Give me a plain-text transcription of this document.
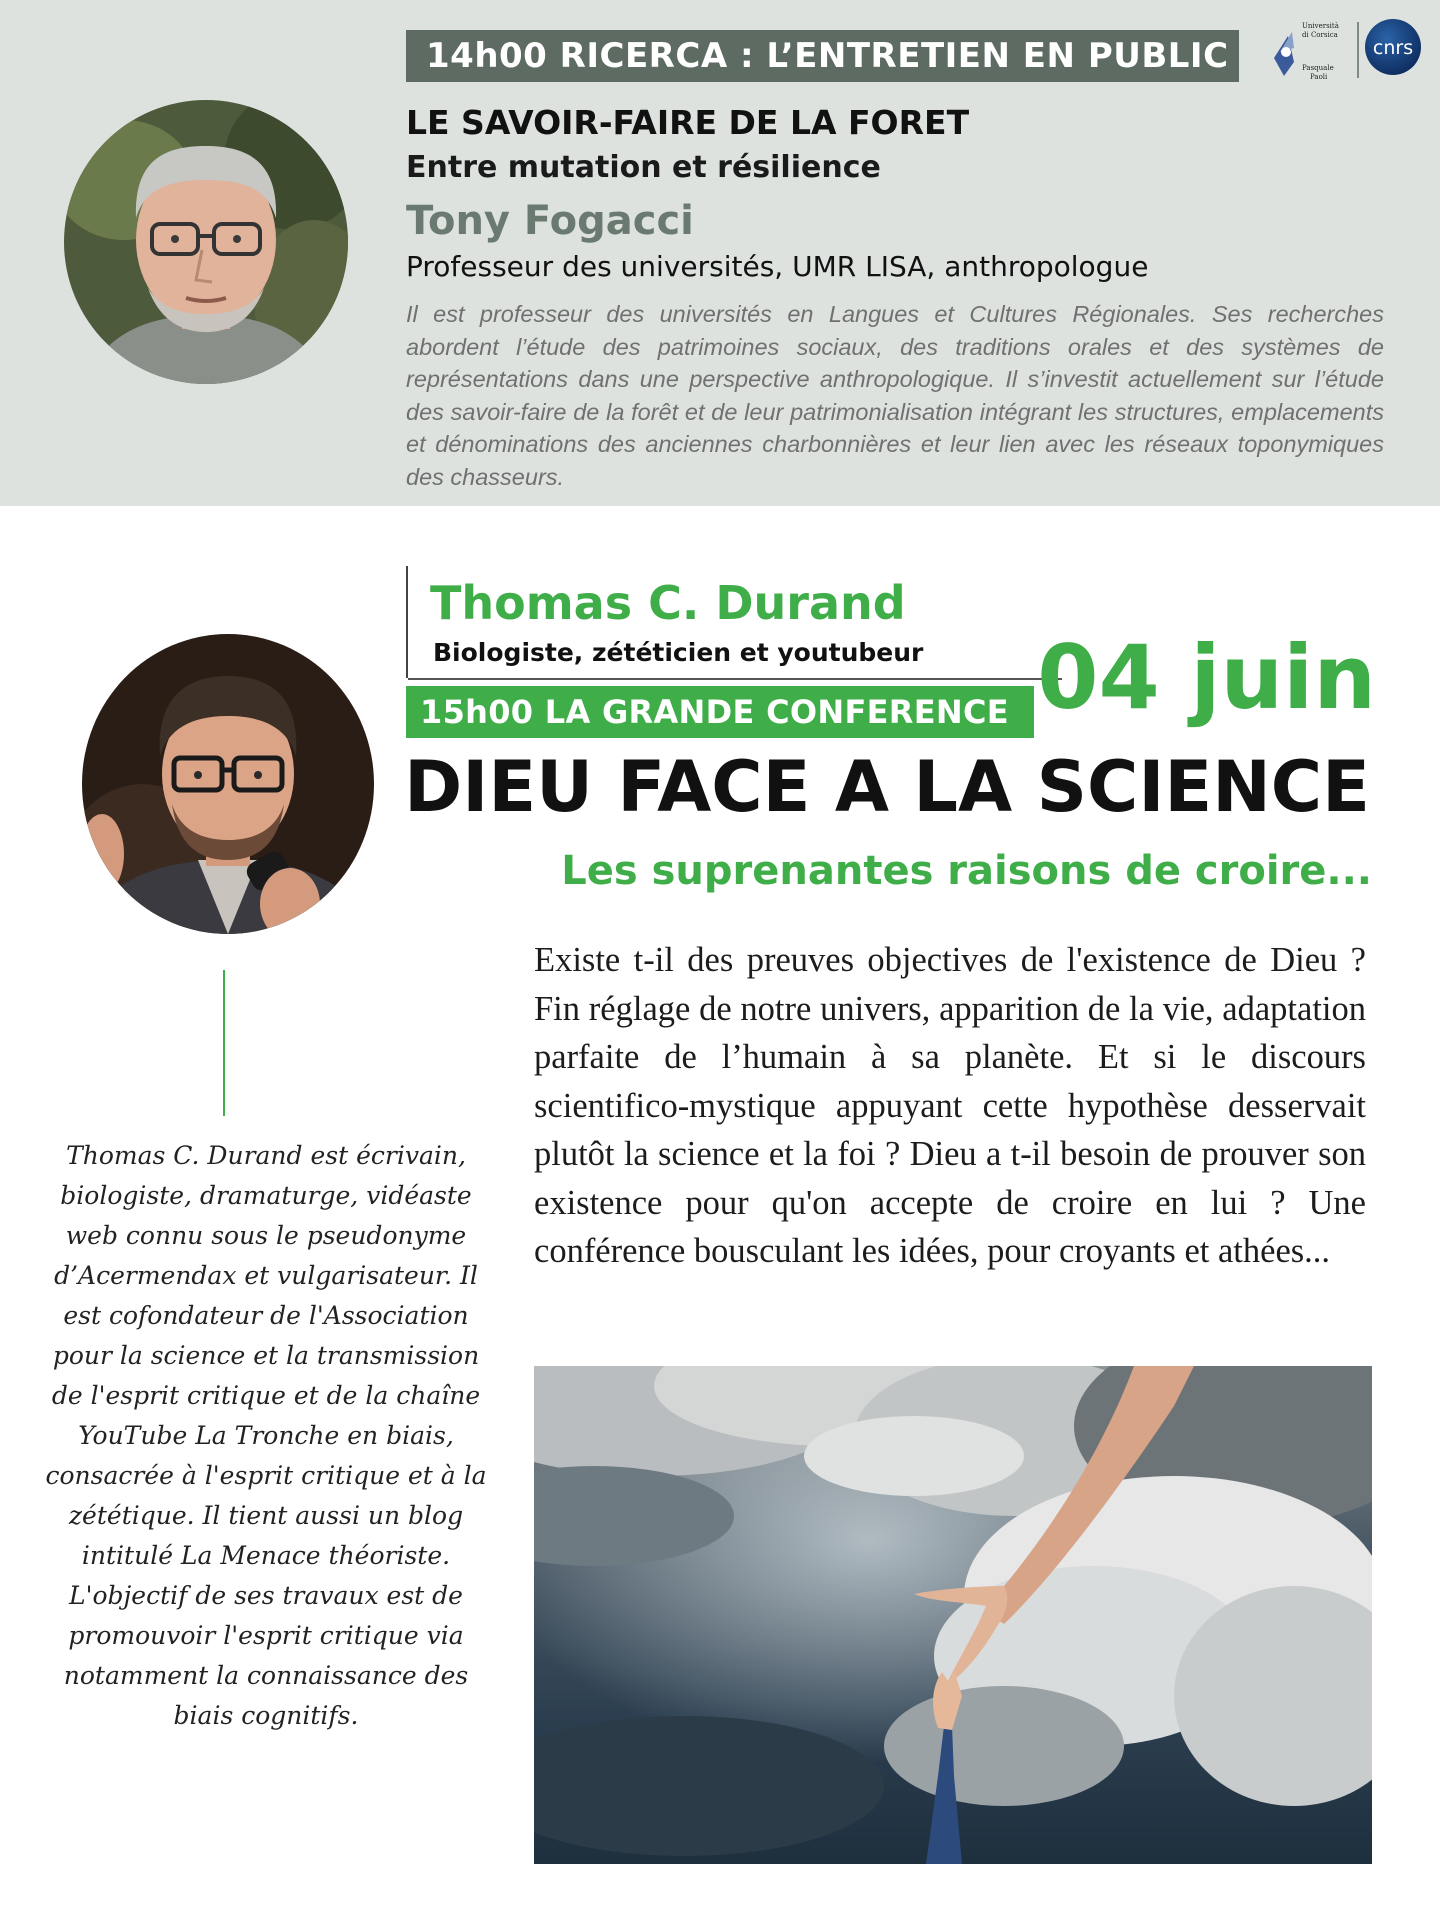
14h00 RICERCA : L’ENTRETIEN EN PUBLIC
Università
di Corsica
Pasquale
Paoli
cnrs
LE SAVOIR-FAIRE DE LA FORET
Entre mutation et résilience
Tony Fogacci
Professeur des universités, UMR LISA, anthropologue

Il est professeur des universités en Langues et Cultures Régionales. Ses recherches abordent l’étude des patrimoines sociaux, des traditions orales et des systèmes de représentations dans une perspective anthropologique. Il s’investit actuellement sur l’étude des savoir-faire de la forêt et de leur patrimonialisation intégrant les structures, emplacements et dénominations des anciennes charbonnières et leur lien avec les réseaux toponymiques des chasseurs.

Thomas C. Durand
Biologiste, zététicien et youtubeur
15h00 LA GRANDE CONFERENCE 04 juin
DIEU FACE A LA SCIENCE
Les suprenantes raisons de croire...

Thomas C. Durand est écrivain, biologiste, dramaturge, vidéaste web connu sous le pseudonyme d’Acermendax et vulgarisateur. Il est cofondateur de l'Association pour la science et la transmission de l'esprit critique et de la chaîne YouTube La Tronche en biais, consacrée à l'esprit critique et à la zététique. Il tient aussi un blog intitulé La Menace théoriste. L'objectif de ses travaux est de promouvoir l'esprit critique via notamment la connaissance des biais cognitifs.

Existe t-il des preuves objectives de l'existence de Dieu ? Fin réglage de notre univers, apparition de la vie, adaptation parfaite de l’humain à sa planète. Et si le discours scientifico-mystique appuyant cette hypothèse desservait plutôt la science et la foi ? Dieu a t-il besoin de prouver son existence pour qu'on accepte de croire en lui ? Une conférence bousculant les idées, pour croyants et athées...
